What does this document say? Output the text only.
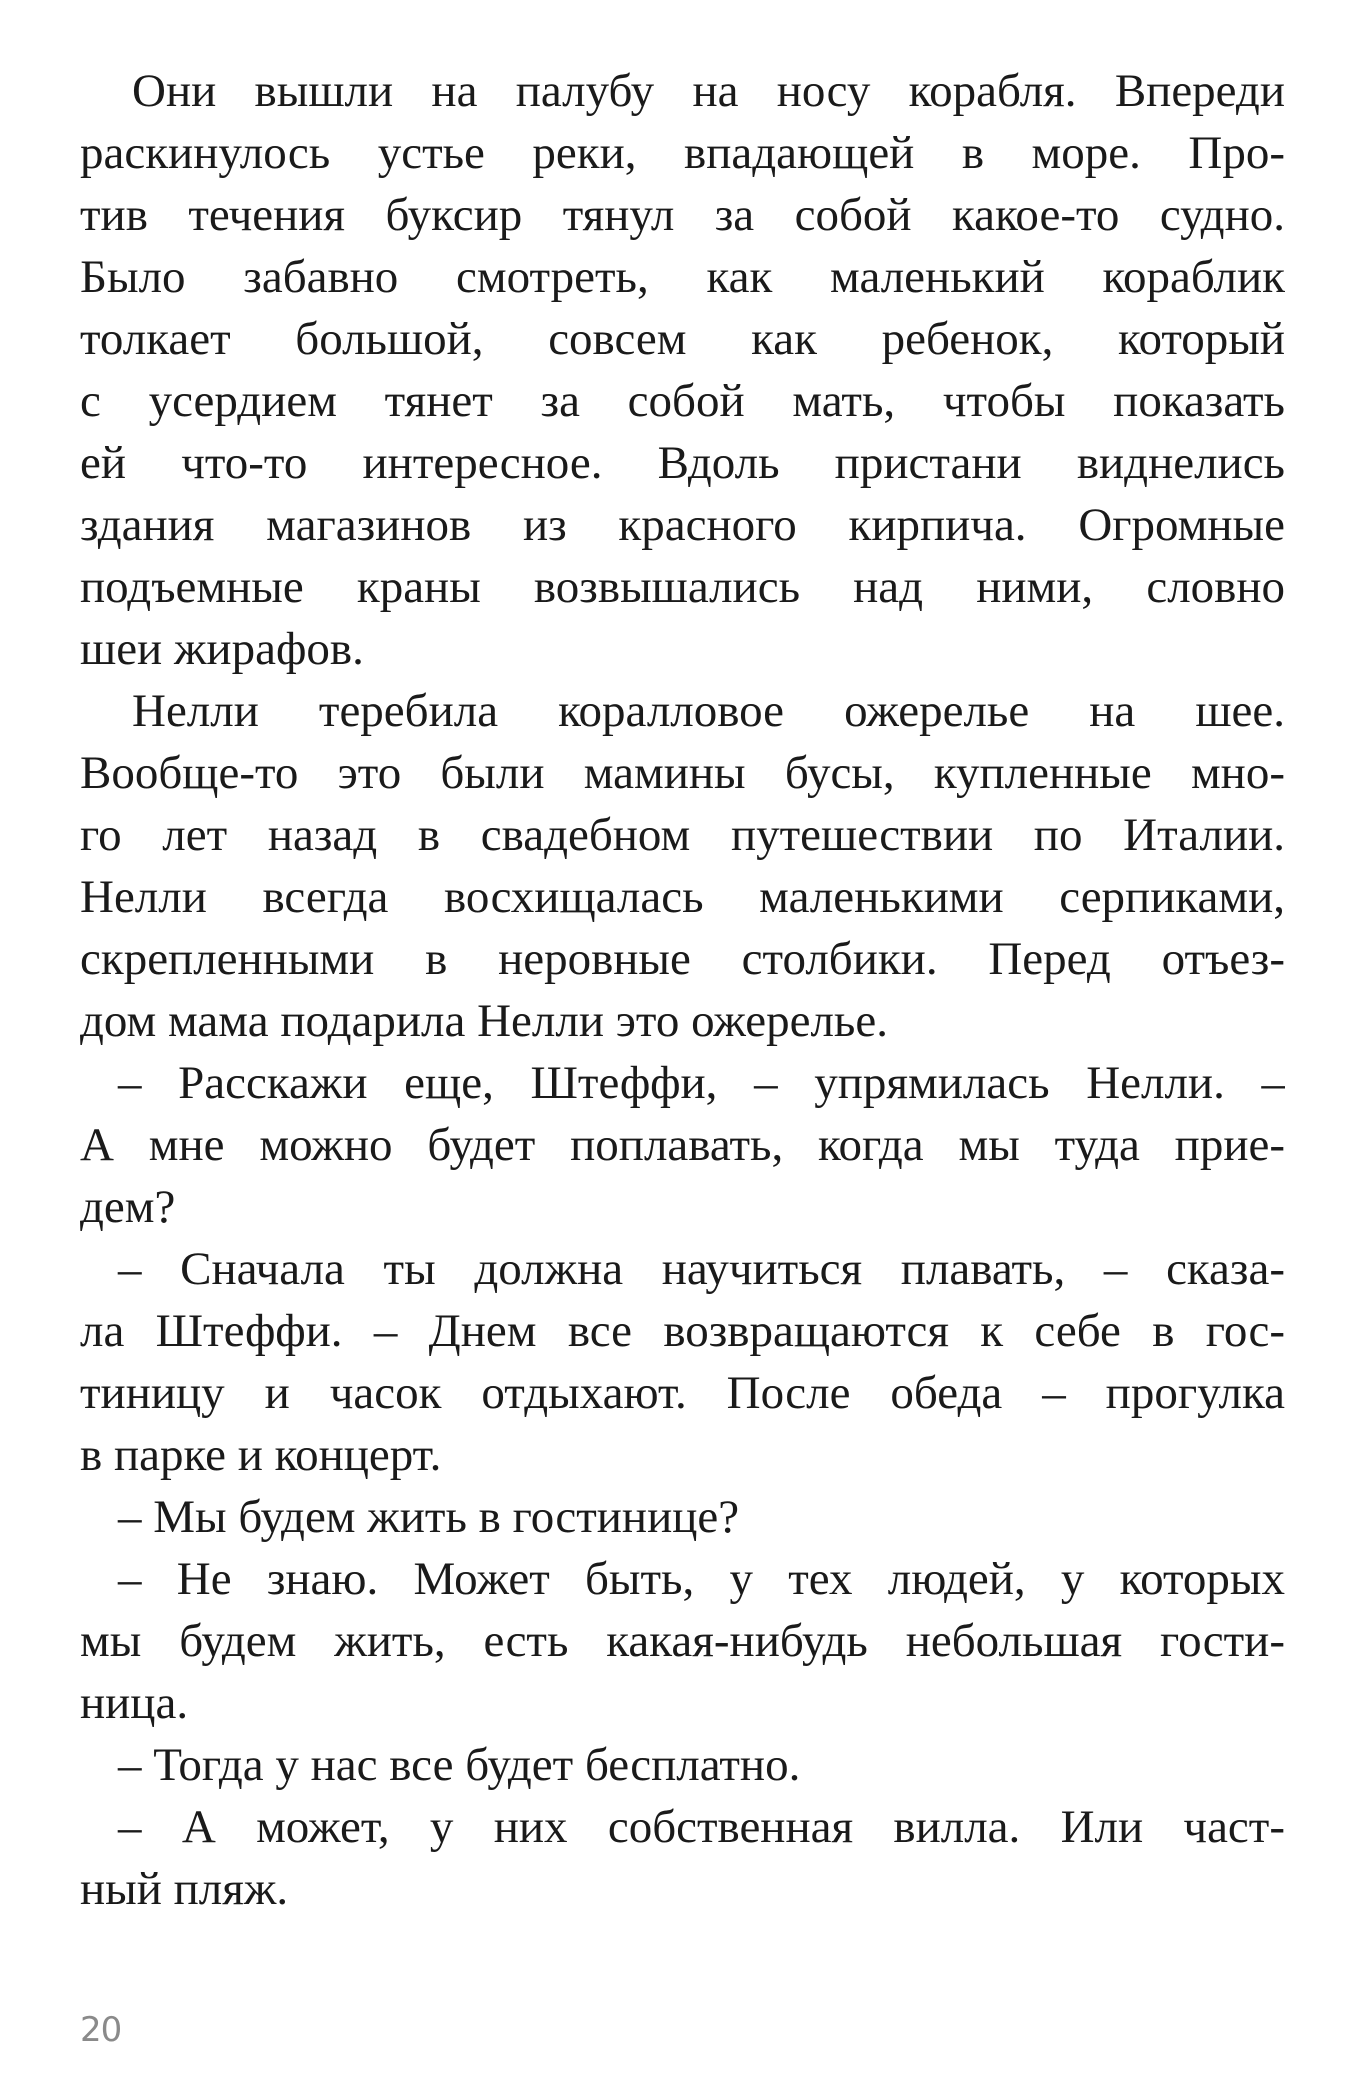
Они вышли на палубу на носу корабля. Впереди
раскинулось устье реки, впадающей в море. Про-
тив течения буксир тянул за собой какое-то судно.
Было забавно смотреть, как маленький кораблик
толкает большой, совсем как ребенок, который
с усердием тянет за собой мать, чтобы показать
ей что-то интересное. Вдоль пристани виднелись
здания магазинов из красного кирпича. Огромные
подъемные краны возвышались над ними, словно
шеи жирафов.
Нелли теребила коралловое ожерелье на шее.
Вообще-то это были мамины бусы, купленные мно-
го лет назад в свадебном путешествии по Италии.
Нелли всегда восхищалась маленькими серпиками,
скрепленными в неровные столбики. Перед отъез-
дом мама подарила Нелли это ожерелье.
– Расскажи еще, Штеффи, – упрямилась Нелли. –
А мне можно будет поплавать, когда мы туда прие-
дем?
– Сначала ты должна научиться плавать, – сказа-
ла Штеффи. – Днем все возвращаются к себе в гос-
тиницу и часок отдыхают. После обеда – прогулка
в парке и концерт.
– Мы будем жить в гостинице?
– Не знаю. Может быть, у тех людей, у которых
мы будем жить, есть какая-нибудь небольшая гости-
ница.
– Тогда у нас все будет бесплатно.
– А может, у них собственная вилла. Или част-
ный пляж.
20
